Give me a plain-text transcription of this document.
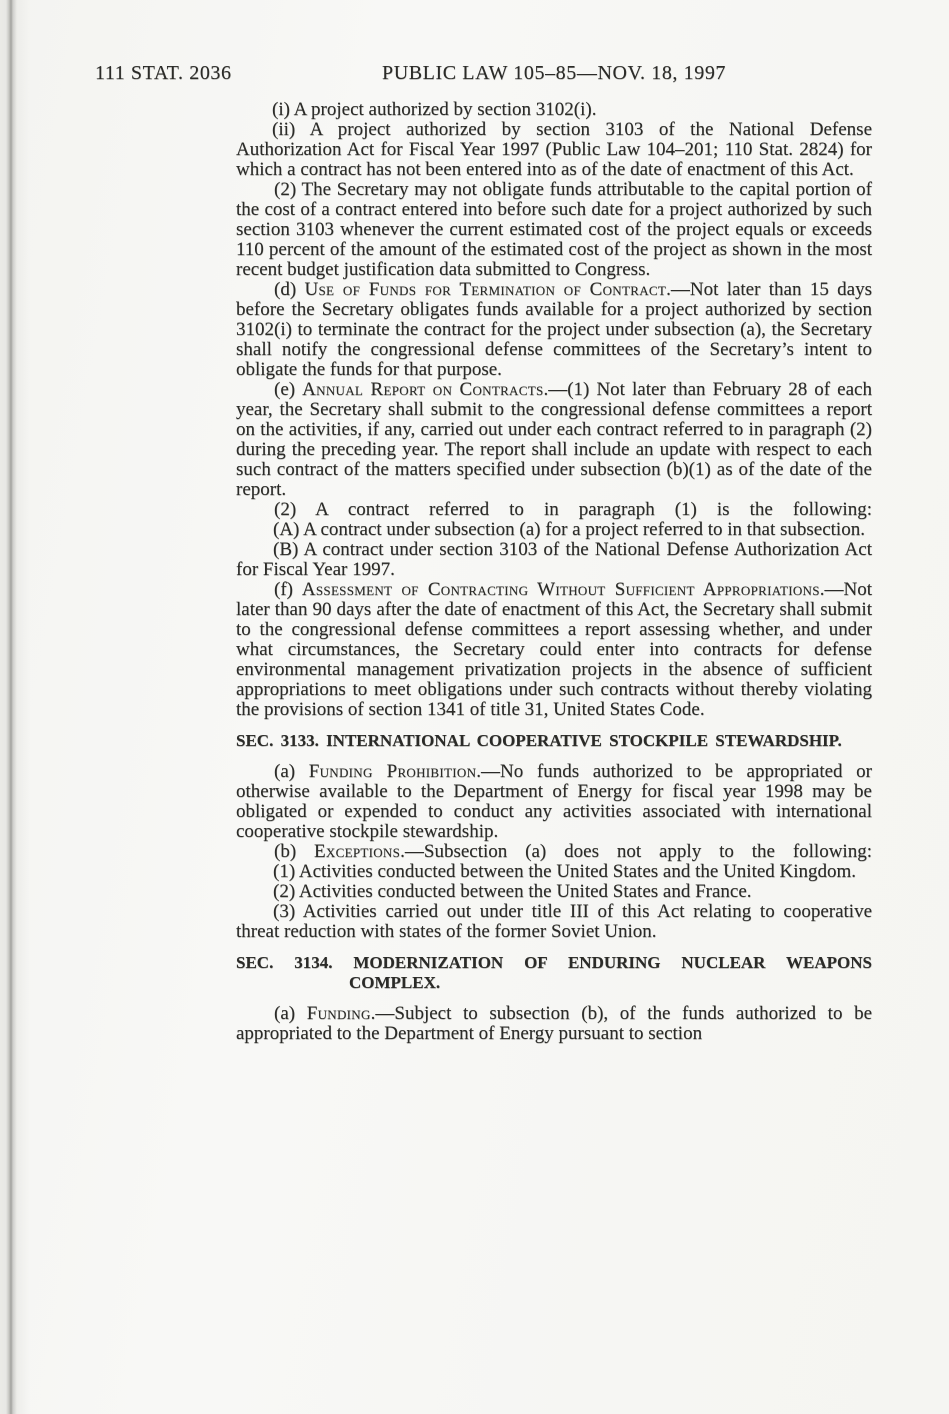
111 STAT. 2036	PUBLIC LAW 105–85—NOV. 18, 1997

(i) A project authorized by section 3102(i).

(ii) A project authorized by section 3103 of the National Defense Authorization Act for Fiscal Year 1997 (Public Law 104–201; 110 Stat. 2824) for which a contract has not been entered into as of the date of enactment of this Act.

(2) The Secretary may not obligate funds attributable to the capital portion of the cost of a contract entered into before such date for a project authorized by such section 3103 whenever the current estimated cost of the project equals or exceeds 110 percent of the amount of the estimated cost of the project as shown in the most recent budget justification data submitted to Congress.

(d) Use of Funds for Termination of Contract.—Not later than 15 days before the Secretary obligates funds available for a project authorized by section 3102(i) to terminate the contract for the project under subsection (a), the Secretary shall notify the congressional defense committees of the Secretary’s intent to obligate the funds for that purpose.

(e) Annual Report on Contracts.—(1) Not later than February 28 of each year, the Secretary shall submit to the congressional defense committees a report on the activities, if any, carried out under each contract referred to in paragraph (2) during the preceding year. The report shall include an update with respect to each such contract of the matters specified under subsection (b)(1) as of the date of the report.

(2) A contract referred to in paragraph (1) is the following:

(A) A contract under subsection (a) for a project referred to in that subsection.

(B) A contract under section 3103 of the National Defense Authorization Act for Fiscal Year 1997.

(f) Assessment of Contracting Without Sufficient Appropriations.—Not later than 90 days after the date of enactment of this Act, the Secretary shall submit to the congressional defense committees a report assessing whether, and under what circumstances, the Secretary could enter into contracts for defense environmental management privatization projects in the absence of sufficient appropriations to meet obligations under such contracts without thereby violating the provisions of section 1341 of title 31, United States Code.

SEC. 3133. INTERNATIONAL COOPERATIVE STOCKPILE STEWARDSHIP.

(a) Funding Prohibition.—No funds authorized to be appropriated or otherwise available to the Department of Energy for fiscal year 1998 may be obligated or expended to conduct any activities associated with international cooperative stockpile stewardship.

(b) Exceptions.—Subsection (a) does not apply to the following:

(1) Activities conducted between the United States and the United Kingdom.

(2) Activities conducted between the United States and France.

(3) Activities carried out under title III of this Act relating to cooperative threat reduction with states of the former Soviet Union.

SEC. 3134. MODERNIZATION OF ENDURING NUCLEAR WEAPONS COMPLEX.

(a) Funding.—Subject to subsection (b), of the funds authorized to be appropriated to the Department of Energy pursuant to section
